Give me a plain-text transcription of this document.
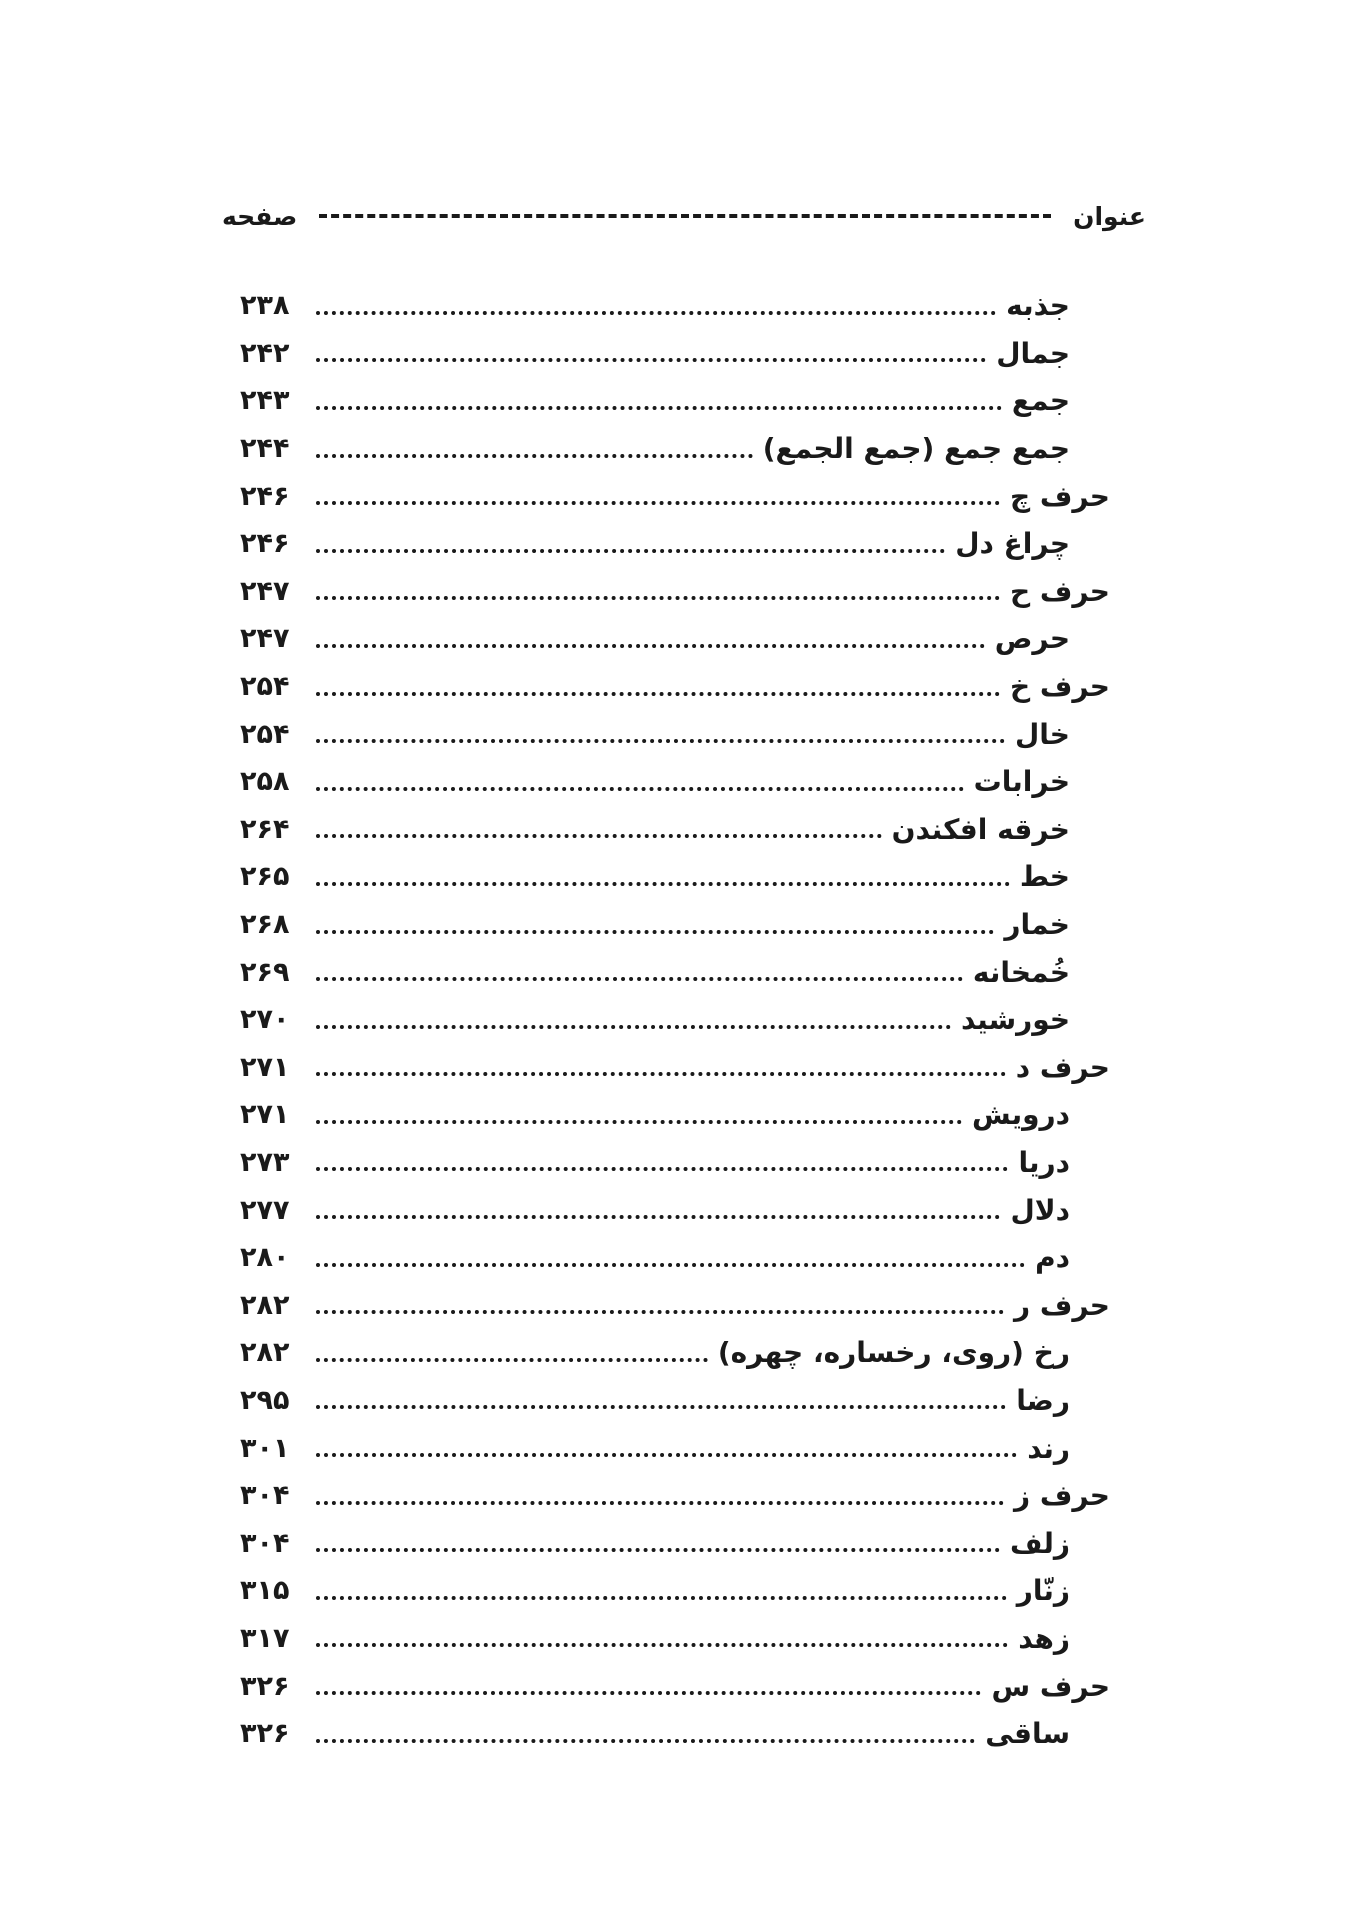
عنوان
صفحه
جذبه
۲۳۸
جمال
۲۴۲
جمع
۲۴۳
جمع جمع (جمع الجمع)
۲۴۴
حرف چ
۲۴۶
چراغ دل
۲۴۶
حرف ح
۲۴۷
حرص
۲۴۷
حرف خ
۲۵۴
خال
۲۵۴
خرابات
۲۵۸
خرقه افکندن
۲۶۴
خط
۲۶۵
خمار
۲۶۸
خُمخانه
۲۶۹
خورشید
۲۷۰
حرف د
۲۷۱
درویش
۲۷۱
دریا
۲۷۳
دلال
۲۷۷
دم
۲۸۰
حرف ر
۲۸۲
رخ (روی، رخساره، چهره)
۲۸۲
رضا
۲۹۵
رند
۳۰۱
حرف ز
۳۰۴
زلف
۳۰۴
زنّار
۳۱۵
زهد
۳۱۷
حرف س
۳۲۶
ساقی
۳۲۶
